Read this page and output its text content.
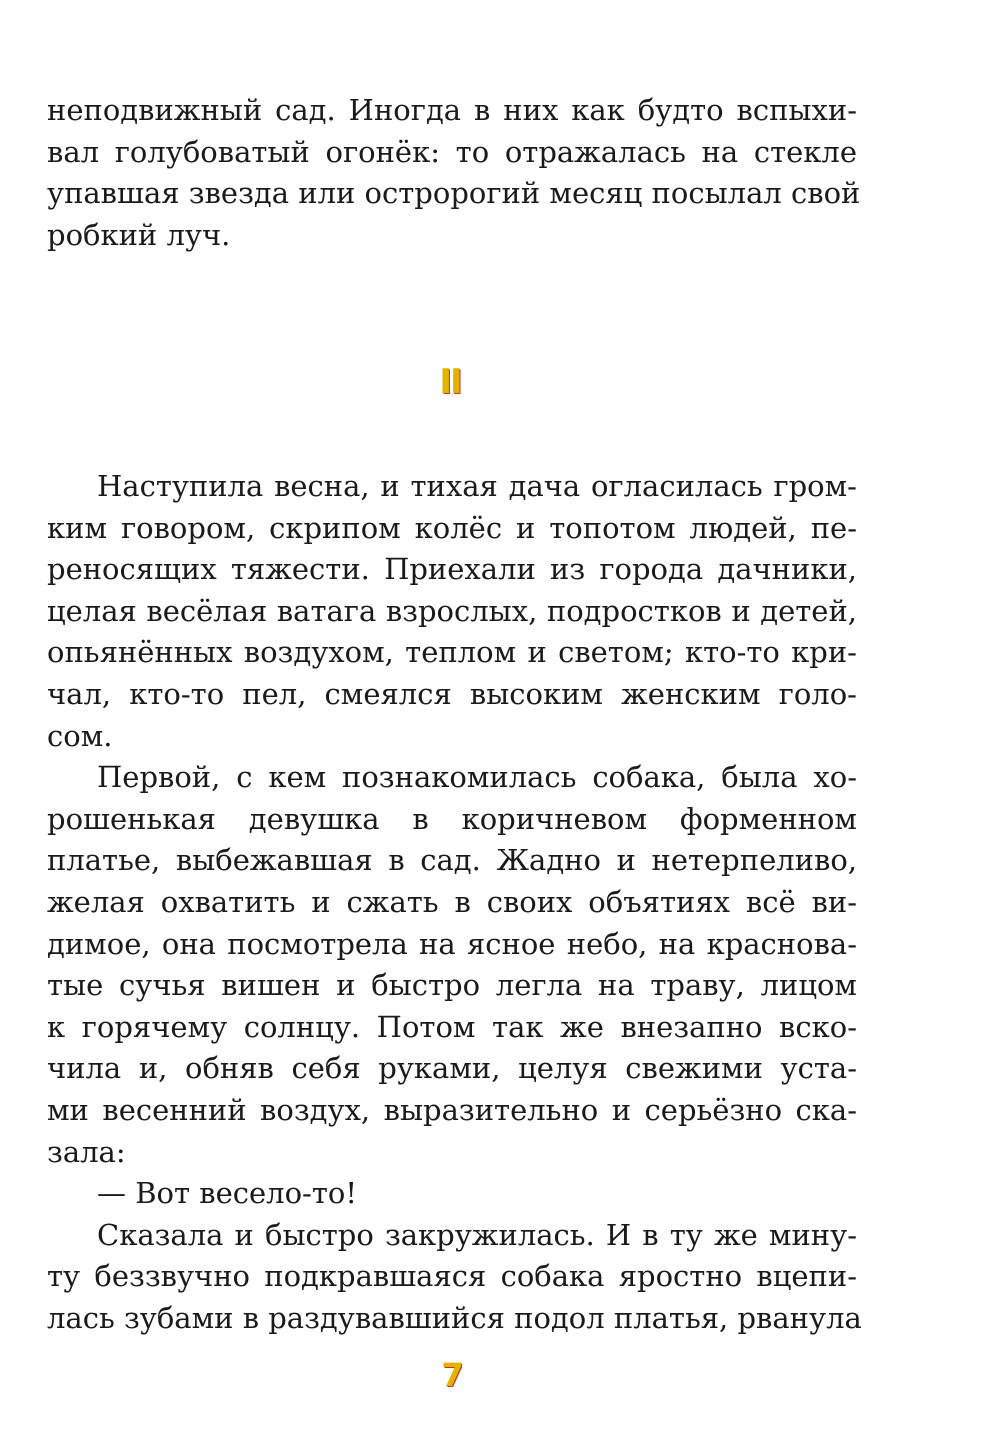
неподвижный сад. Иногда в них как будто вспыхи-
вал голубоватый огонёк: то отражалась на стекле
упавшая звезда или остророгий месяц посылал свой
робкий луч.
II
Наступила весна, и тихая дача огласилась гром-
ким говором, скрипом колёс и топотом людей, пе-
реносящих тяжести. Приехали из города дачники,
целая весёлая ватага взрослых, подростков и детей,
опьянённых воздухом, теплом и светом; кто-то кри-
чал, кто-то пел, смеялся высоким женским голо-
сом.
Первой, с кем познакомилась собака, была хо-
рошенькая девушка в коричневом форменном
платье, выбежавшая в сад. Жадно и нетерпеливо,
желая охватить и сжать в своих объятиях всё ви-
димое, она посмотрела на ясное небо, на краснова-
тые сучья вишен и быстро легла на траву, лицом
к горячему солнцу. Потом так же внезапно вско-
чила и, обняв себя руками, целуя свежими уста-
ми весенний воздух, выразительно и серьёзно ска-
зала:
— Вот весело-то!
Сказала и быстро закружилась. И в ту же мину-
ту беззвучно подкравшаяся собака яростно вцепи-
лась зубами в раздувавшийся подол платья, рванула
7
